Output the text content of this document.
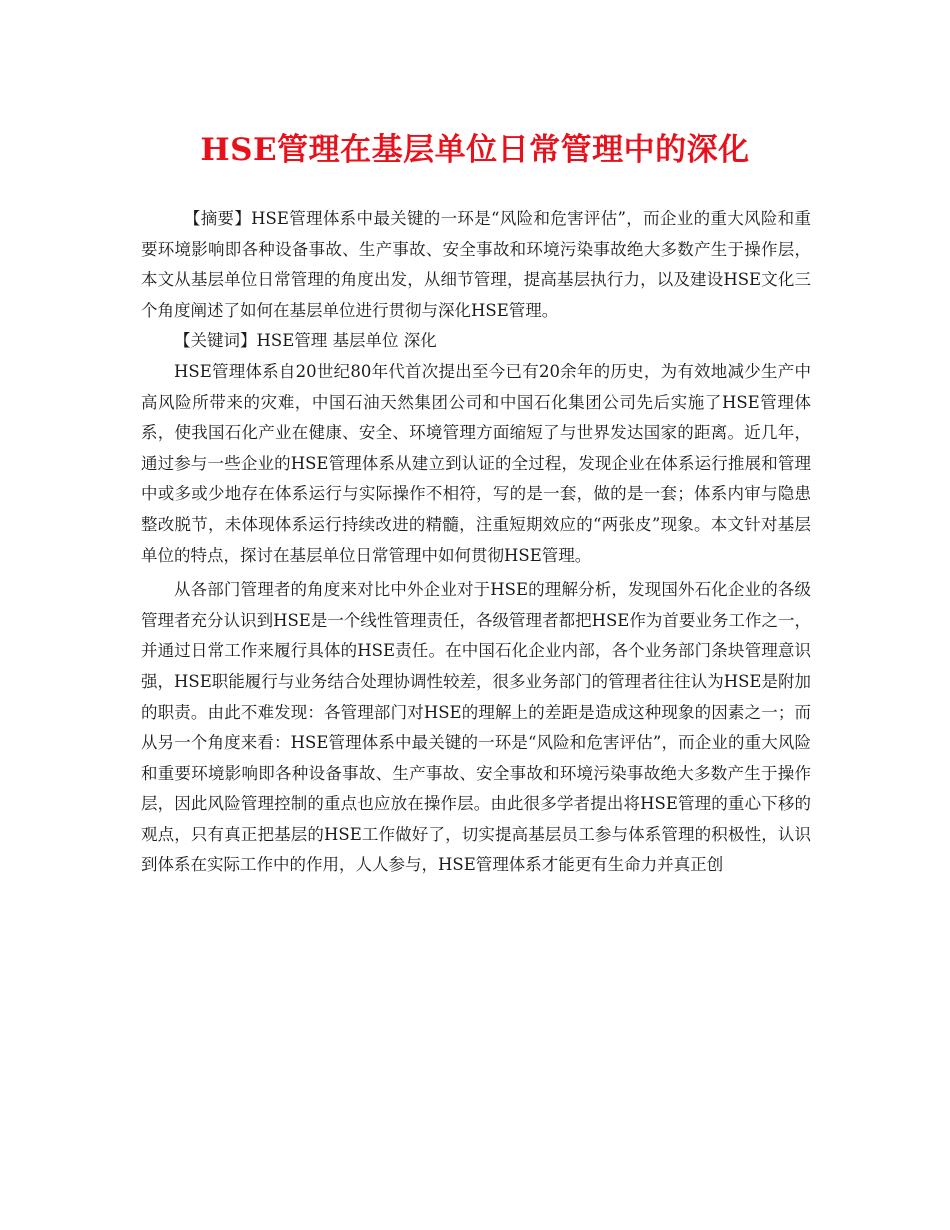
HSE管理在基层单位日常管理中的深化

【摘要】HSE管理体系中最关键的一环是“风险和危害评估”，而企业的重大风险和重要环境影响即各种设备事故、生产事故、安全事故和环境污染事故绝大多数产生于操作层，本文从基层单位日常管理的角度出发，从细节管理，提高基层执行力，以及建设HSE文化三个角度阐述了如何在基层单位进行贯彻与深化HSE管理。

【关键词】HSE管理 基层单位 深化

HSE管理体系自20世纪80年代首次提出至今已有20余年的历史，为有效地减少生产中高风险所带来的灾难，中国石油天然集团公司和中国石化集团公司先后实施了HSE管理体系，使我国石化产业在健康、安全、环境管理方面缩短了与世界发达国家的距离。近几年，通过参与一些企业的HSE管理体系从建立到认证的全过程，发现企业在体系运行推展和管理中或多或少地存在体系运行与实际操作不相符，写的是一套，做的是一套；体系内审与隐患整改脱节，未体现体系运行持续改进的精髓，注重短期效应的“两张皮”现象。本文针对基层单位的特点，探讨在基层单位日常管理中如何贯彻HSE管理。

从各部门管理者的角度来对比中外企业对于HSE的理解分析，发现国外石化企业的各级管理者充分认识到HSE是一个线性管理责任，各级管理者都把HSE作为首要业务工作之一，并通过日常工作来履行具体的HSE责任。在中国石化企业内部，各个业务部门条块管理意识强，HSE职能履行与业务结合处理协调性较差，很多业务部门的管理者往往认为HSE是附加的职责。由此不难发现：各管理部门对HSE的理解上的差距是造成这种现象的因素之一；而从另一个角度来看：HSE管理体系中最关键的一环是“风险和危害评估”，而企业的重大风险和重要环境影响即各种设备事故、生产事故、安全事故和环境污染事故绝大多数产生于操作层，因此风险管理控制的重点也应放在操作层。由此很多学者提出将HSE管理的重心下移的观点，只有真正把基层的HSE工作做好了，切实提高基层员工参与体系管理的积极性，认识到体系在实际工作中的作用，人人参与，HSE管理体系才能更有生命力并真正创
